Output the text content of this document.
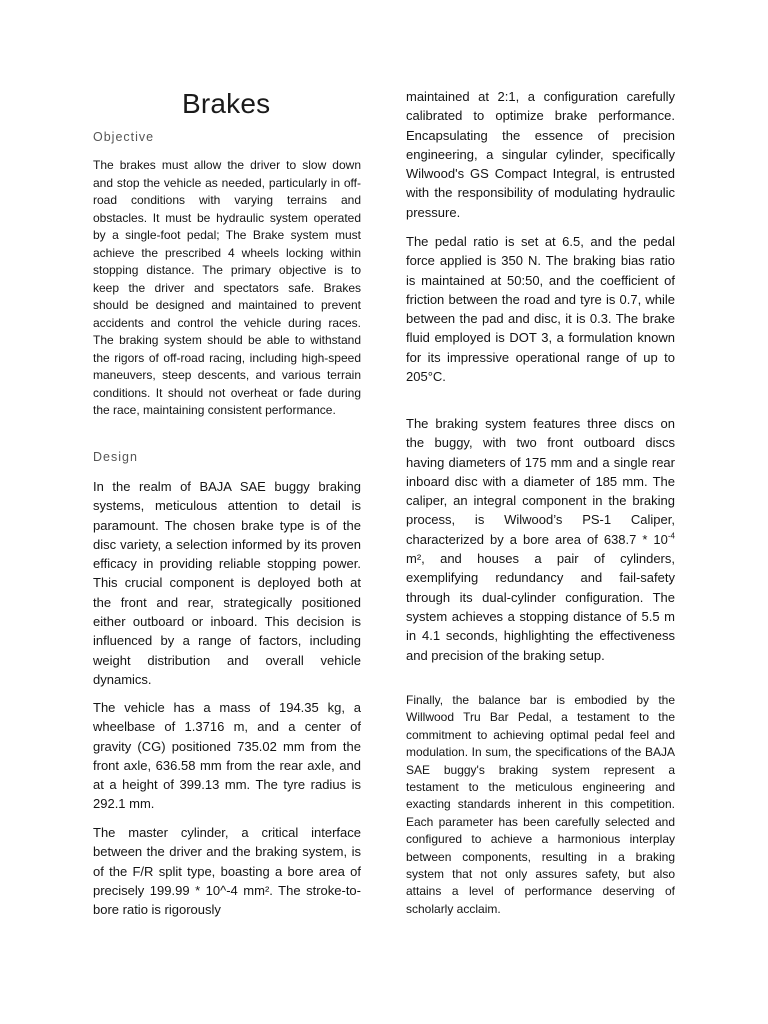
Brakes
Objective

The brakes must allow the driver to slow down and stop the vehicle as needed, particularly in off-road conditions with varying terrains and obstacles. It must be hydraulic system operated by a single-foot pedal; The Brake system must achieve the prescribed 4 wheels locking within stopping distance. The primary objective is to keep the driver and spectators safe. Brakes should be designed and maintained to prevent accidents and control the vehicle during races. The braking system should be able to withstand the rigors of off-road racing, including high-speed maneuvers, steep descents, and various terrain conditions. It should not overheat or fade during the race, maintaining consistent performance.

Design

In the realm of BAJA SAE buggy braking systems, meticulous attention to detail is paramount. The chosen brake type is of the disc variety, a selection informed by its proven efficacy in providing reliable stopping power. This crucial component is deployed both at the front and rear, strategically positioned either outboard or inboard. This decision is influenced by a range of factors, including weight distribution and overall vehicle dynamics.

The vehicle has a mass of 194.35 kg, a wheelbase of 1.3716 m, and a center of gravity (CG) positioned 735.02 mm from the front axle, 636.58 mm from the rear axle, and at a height of 399.13 mm. The tyre radius is 292.1 mm.

The master cylinder, a critical interface between the driver and the braking system, is of the F/R split type, boasting a bore area of precisely 199.99 * 10^-4 mm². The stroke-to-bore ratio is rigorously

maintained at 2:1, a configuration carefully calibrated to optimize brake performance. Encapsulating the essence of precision engineering, a singular cylinder, specifically Wilwood's GS Compact Integral, is entrusted with the responsibility of modulating hydraulic pressure.

The pedal ratio is set at 6.5, and the pedal force applied is 350 N. The braking bias ratio is maintained at 50:50, and the coefficient of friction between the road and tyre is 0.7, while between the pad and disc, it is 0.3. The brake fluid employed is DOT 3, a formulation known for its impressive operational range of up to 205°C.

The braking system features three discs on the buggy, with two front outboard discs having diameters of 175 mm and a single rear inboard disc with a diameter of 185 mm. The caliper, an integral component in the braking process, is Wilwood’s PS-1 Caliper, characterized by a bore area of $638.7 * 10^{-4}$ m², and houses a pair of cylinders, exemplifying redundancy and fail-safety through its dual-cylinder configuration. The system achieves a stopping distance of 5.5 m in 4.1 seconds, highlighting the effectiveness and precision of the braking setup.

Finally, the balance bar is embodied by the Willwood Tru Bar Pedal, a testament to the commitment to achieving optimal pedal feel and modulation. In sum, the specifications of the BAJA SAE buggy's braking system represent a testament to the meticulous engineering and exacting standards inherent in this competition. Each parameter has been carefully selected and configured to achieve a harmonious interplay between components, resulting in a braking system that not only assures safety, but also attains a level of performance deserving of scholarly acclaim.
